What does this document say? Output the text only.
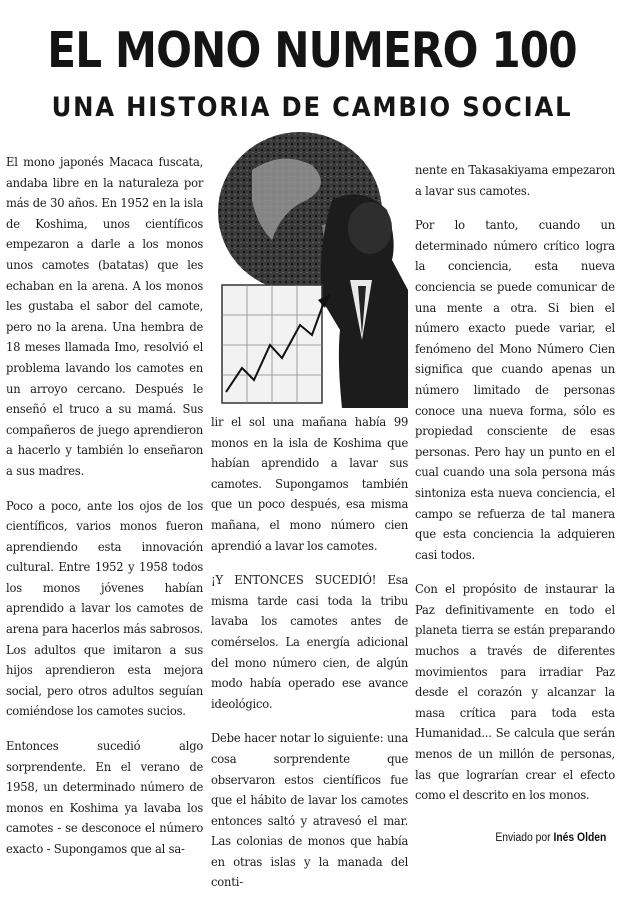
EL MONO NUMERO 100
UNA HISTORIA DE CAMBIO SOCIAL

El mono japonés Macaca fuscata, andaba libre en la naturaleza por más de 30 años. En 1952 en la isla de Koshima, unos científicos empezaron a darle a los monos unos camotes (batatas) que les echaban en la arena. A los monos les gustaba el sabor del camote, pero no la arena. Una hembra de 18 meses llamada Imo, resolvió el problema lavando los camotes en un arroyo cercano. Después le enseñó el truco a su mamá. Sus compañeros de juego aprendieron a hacerlo y también lo enseñaron a sus madres.

Poco a poco, ante los ojos de los científicos, varios monos fueron aprendiendo esta innovación cultural. Entre 1952 y 1958 todos los monos jóvenes habían aprendido a lavar los camotes de arena para hacerlos más sabrosos. Los adultos que imitaron a sus hijos aprendieron esta mejora social, pero otros adultos seguían comiéndose los camotes sucios.

Entonces sucedió algo sorprendente. En el verano de 1958, un determinado número de monos en Koshima ya lavaba los camotes - se desconoce el número exacto - Supongamos que al sa-

lir el sol una mañana había 99 monos en la isla de Koshima que habían aprendido a lavar sus camotes. Supongamos también que un poco después, esa misma mañana, el mono número cien aprendió a lavar los camotes.

¡Y ENTONCES SUCEDIÓ! Esa misma tarde casi toda la tribu lavaba los camotes antes de comérselos. La energía adicional del mono número cien, de algún modo había operado ese avance ideológico.

Debe hacer notar lo siguiente: una cosa sorprendente que observaron estos científicos fue que el hábito de lavar los camotes entonces saltó y atravesó el mar. Las colonias de monos que había en otras islas y la manada del conti-

nente en Takasakiyama empezaron a lavar sus camotes.

Por lo tanto, cuando un determinado número crítico logra la conciencia, esta nueva conciencia se puede comunicar de una mente a otra. Si bien el número exacto puede variar, el fenómeno del Mono Número Cien significa que cuando apenas un número limitado de personas conoce una nueva forma, sólo es propiedad consciente de esas personas. Pero hay un punto en el cual cuando una sola persona más sintoniza esta nueva conciencia, el campo se refuerza de tal manera que esta conciencia la adquieren casi todos.

Con el propósito de instaurar la Paz definitivamente en todo el planeta tierra se están preparando muchos a través de diferentes movimientos para irradiar Paz desde el corazón y alcanzar la masa crítica para toda esta Humanidad... Se calcula que serán menos de un millón de personas, las que lograrían crear el efecto como el descrito en los monos.

Enviado por Inés Olden
